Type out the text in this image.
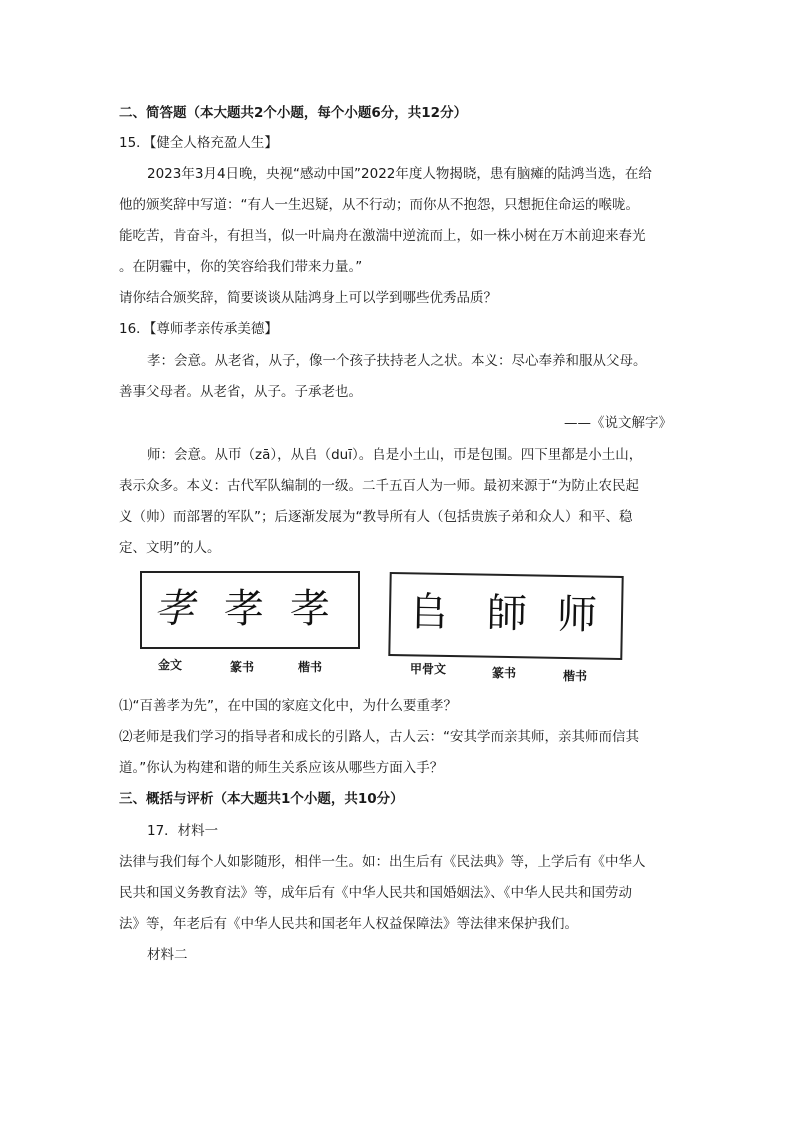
二、简答题（本大题共2个小题，每个小题6分，共12分）
15．【健全人格充盈人生】
2023年3月4日晚，央视“感动中国”2022年度人物揭晓，患有脑瘫的陆鸿当选，在给
他的颁奖辞中写道：“有人一生迟疑，从不行动；而你从不抱怨，只想扼住命运的喉咙。
能吃苦，肯奋斗，有担当，似一叶扁舟在激湍中逆流而上，如一株小树在万木前迎来春光
。在阴霾中，你的笑容给我们带来力量。”
请你结合颁奖辞，简要谈谈从陆鸿身上可以学到哪些优秀品质？
16．【尊师孝亲传承美德】
孝：会意。从老省，从子，像一个孩子扶持老人之状。本义：尽心奉养和服从父母。
善事父母者。从老省，从子。子承老也。
——《说文解字》
师：会意。从帀（zā），从𠂤（duī）。𠂤是小土山，帀是包围。四下里都是小土山，
表示众多。本义：古代军队编制的一级。二千五百人为一师。最初来源于“为防止农民起
义（帅）而部署的军队”；后逐渐发展为“教导所有人（包括贵族子弟和众人）和平、稳
定、文明”的人。
孝 孝 孝
金文	篆书	楷书
𠂤 師 师
甲骨文	篆书	楷书
⑴“百善孝为先”，在中国的家庭文化中，为什么要重孝？
⑵老师是我们学习的指导者和成长的引路人，古人云：“安其学而亲其师，亲其师而信其
道。”你认为构建和谐的师生关系应该从哪些方面入手？
三、概括与评析（本大题共1个小题，共10分）
17．材料一
法律与我们每个人如影随形，相伴一生。如：出生后有《民法典》等，上学后有《中华人
民共和国义务教育法》等，成年后有《中华人民共和国婚姻法》、《中华人民共和国劳动
法》等，年老后有《中华人民共和国老年人权益保障法》等法律来保护我们。
材料二
